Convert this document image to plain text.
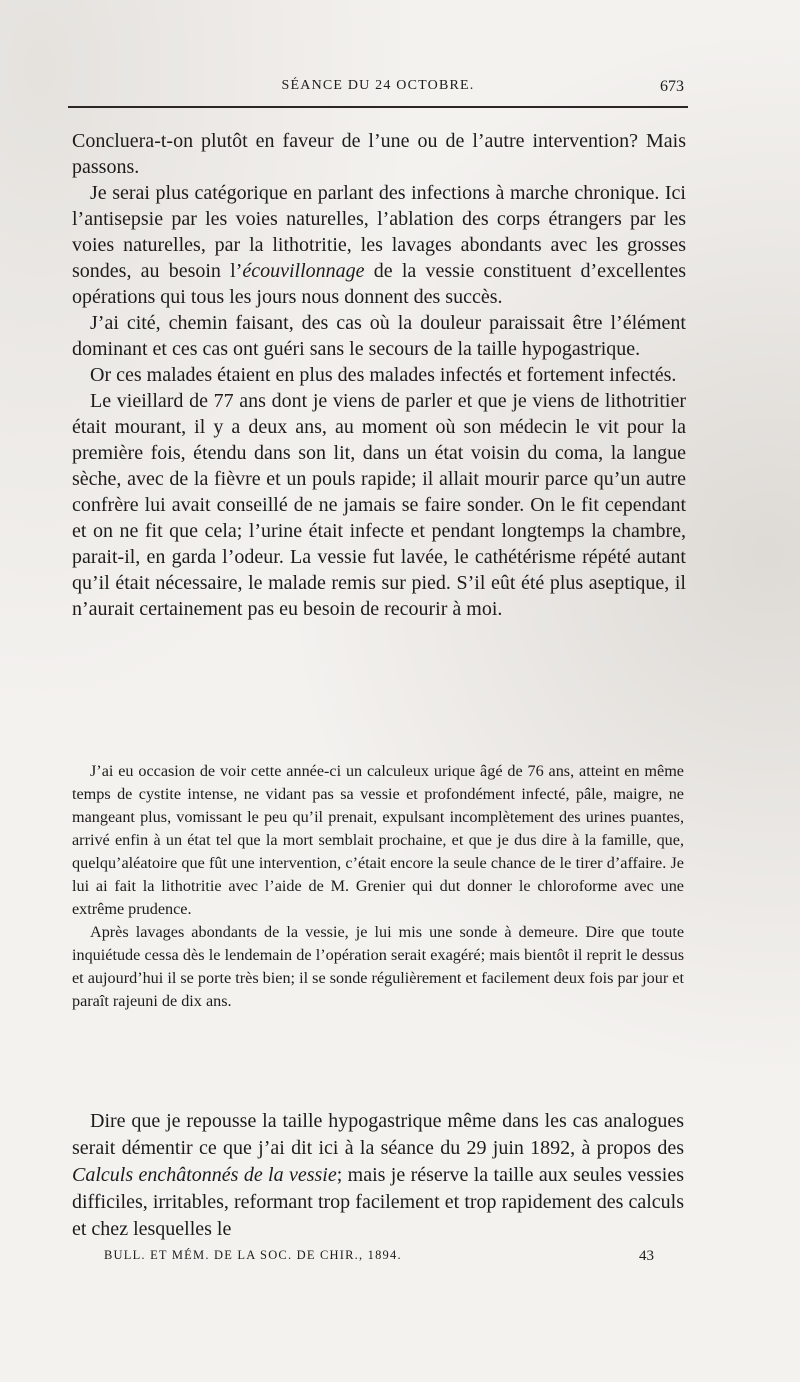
SÉANCE DU 24 OCTOBRE.	673

Concluera-t-on plutôt en faveur de l’une ou de l’autre intervention? Mais passons.

Je serai plus catégorique en parlant des infections à marche chronique. Ici l’antisepsie par les voies naturelles, l’ablation des corps étrangers par les voies naturelles, par la lithotritie, les lavages abondants avec les grosses sondes, au besoin l’écouvillonnage de la vessie constituent d’excellentes opérations qui tous les jours nous donnent des succès.

J’ai cité, chemin faisant, des cas où la douleur paraissait être l’élément dominant et ces cas ont guéri sans le secours de la taille hypogastrique.

Or ces malades étaient en plus des malades infectés et fortement infectés.

Le vieillard de 77 ans dont je viens de parler et que je viens de lithotritier était mourant, il y a deux ans, au moment où son médecin le vit pour la première fois, étendu dans son lit, dans un état voisin du coma, la langue sèche, avec de la fièvre et un pouls rapide; il allait mourir parce qu’un autre confrère lui avait conseillé de ne jamais se faire sonder. On le fit cependant et on ne fit que cela; l’urine était infecte et pendant longtemps la chambre, parait-il, en garda l’odeur. La vessie fut lavée, le cathétérisme répété autant qu’il était nécessaire, le malade remis sur pied. S’il eût été plus aseptique, il n’aurait certainement pas eu besoin de recourir à moi.

J’ai eu occasion de voir cette année-ci un calculeux urique âgé de 76 ans, atteint en même temps de cystite intense, ne vidant pas sa vessie et profondément infecté, pâle, maigre, ne mangeant plus, vomissant le peu qu’il prenait, expulsant incomplètement des urines puantes, arrivé enfin à un état tel que la mort semblait prochaine, et que je dus dire à la famille, que, quelqu’aléatoire que fût une intervention, c’était encore la seule chance de le tirer d’affaire. Je lui ai fait la lithotritie avec l’aide de M. Grenier qui dut donner le chloroforme avec une extrême prudence.

Après lavages abondants de la vessie, je lui mis une sonde à demeure. Dire que toute inquiétude cessa dès le lendemain de l’opération serait exagéré; mais bientôt il reprit le dessus et aujourd’hui il se porte très bien; il se sonde régulièrement et facilement deux fois par jour et paraît rajeuni de dix ans.

Dire que je repousse la taille hypogastrique même dans les cas analogues serait démentir ce que j’ai dit ici à la séance du 29 juin 1892, à propos des Calculs enchâtonnés de la vessie; mais je réserve la taille aux seules vessies difficiles, irritables, reformant trop facilement et trop rapidement des calculs et chez lesquelles le

BULL. ET MÉM. DE LA SOC. DE CHIR., 1894.	43
